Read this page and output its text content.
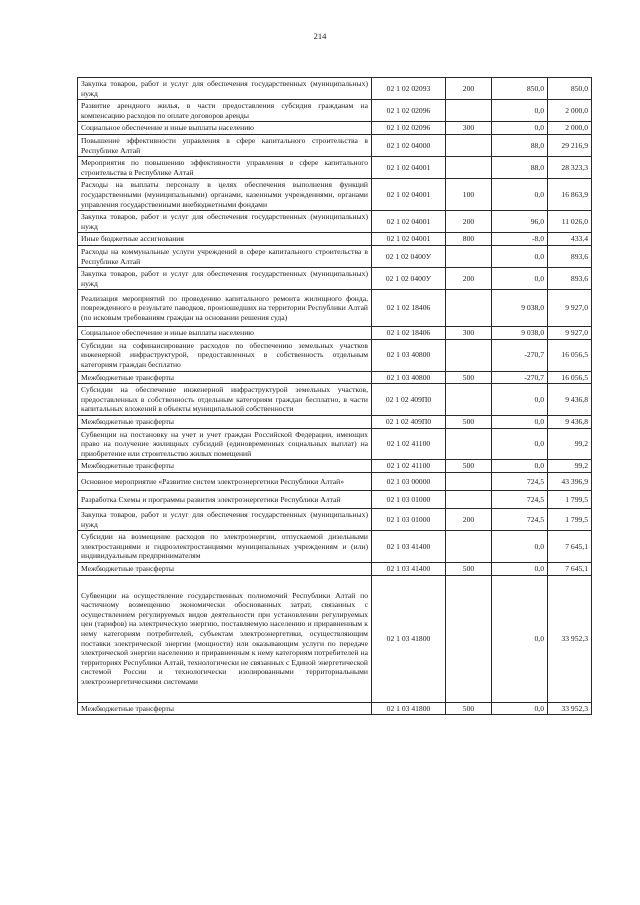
214
Закупка товаров, работ и услуг для обеспечения государственных (муниципальных) нужд	02 1 02 02093	200	850,0	850,0
Развитие арендного жилья, в части предоставления субсидия гражданам на компенсацию расходов по оплате договоров аренды	02 1 02 02096		0,0	2 000,0
Социальное обеспечение и иные выплаты населению	02 1 02 02096	300	0,0	2 000,0
Повышение эффективности управления в сфере капитального строительства в Республике Алтай	02 1 02 04000		88,0	29 216,9
Мероприятия по повышению эффективности управления в сфере капитального строительства в Республике Алтай	02 1 02 04001		88,0	28 323,3
Расходы на выплаты персоналу в целях обеспечения выполнения функций государственными (муниципальными) органами, казенными учреждениями, органами управления государственными внебюджетными фондами	02 1 02 04001	100	0,0	16 863,9
Закупка товаров, работ и услуг для обеспечения государственных (муниципальных) нужд	02 1 02 04001	200	96,0	11 026,0
Иные бюджетные ассигнования	02 1 02 04001	800	-8,0	433,4
Расходы на коммунальные услуги учреждений в сфере капитального строительства в Республике Алтай	02 1 02 0400У		0,0	893,6
Закупка товаров, работ и услуг для обеспечения государственных (муниципальных) нужд	02 1 02 0400У	200	0,0	893,6
Реализация мероприятий по проведению капитального ремонта жилищного фонда, поврежденного в результате паводков, произошедших на территории Республики Алтай (по исковым требованиям граждан на основании решения суда)	02 1 02 18406		9 038,0	9 927,0
Социальное обеспечение и иные выплаты населению	02 1 02 18406	300	9 038,0	9 927,0
Субсидии на софинансирование расходов по обеспечению земельных участков инженерной инфраструктурой, предоставленных в собственность отдельным категориям граждан бесплатно	02 1 03 40800		-270,7	16 056,5
Межбюджетные трансферты	02 1 03 40800	500	-270,7	16 056,5
Субсидии на обеспечение инженерной инфраструктурой земельных участков, предоставленных в собственность отдельным категориям граждан бесплатно, в части капитальных вложений в объекты муниципальной собственности	02 1 02 409П0		0,0	9 436,8
Межбюджетные трансферты	02 1 02 409П0	500	0,0	9 436,8
Субвенции на постановку на учет и учет граждан Российской Федерации, имеющих право на получение жилищных субсидий (единовременных социальных выплат) на приобретение или строительство жилых помещений	02 1 02 41100		0,0	99,2
Межбюджетные трансферты	02 1 02 41100	500	0,0	99,2
Основное мероприятие «Развитие систем электроэнергетики Республики Алтай»	02 1 03 00000		724,5	43 396,9
Разработка Схемы и программы развития электроэнергетики Республики Алтай	02 1 03 01000		724,5	1 799,5
Закупка товаров, работ и услуг для обеспечения государственных (муниципальных) нужд	02 1 03 01000	200	724,5	1 799,5
Субсидии на возмещение расходов по электроэнергии, отпускаемой дизельными электростанциями и гидроэлектростанциями муниципальных учреждениям и (или) индивидуальным предпринимателям	02 1 03 41400		0,0	7 645,1
Межбюджетные трансферты	02 1 03 41400	500	0,0	7 645,1
Субвенции на осуществление государственных полномочий Республики Алтай по частичному возмещению экономически обоснованных затрат, связанных с осуществлением регулируемых видов деятельности при установлении регулируемых цен (тарифов) на электрическую энергию, поставляемую населению и приравненным к нему категориям потребителей, субъектам электроэнергетики, осуществляющим поставки электрической энергии (мощности) или оказывающим услуги по передаче электрической энергии населению и приравненным к нему категориям потребителей на территориях Республики Алтай, технологически не связанных с Единой энергетической системой России и технологически изолированными территориальными электроэнергетическими системами	02 1 03 41800		0,0	33 952,3
Межбюджетные трансферты	02 1 03 41800	500	0,0	33 952,3
